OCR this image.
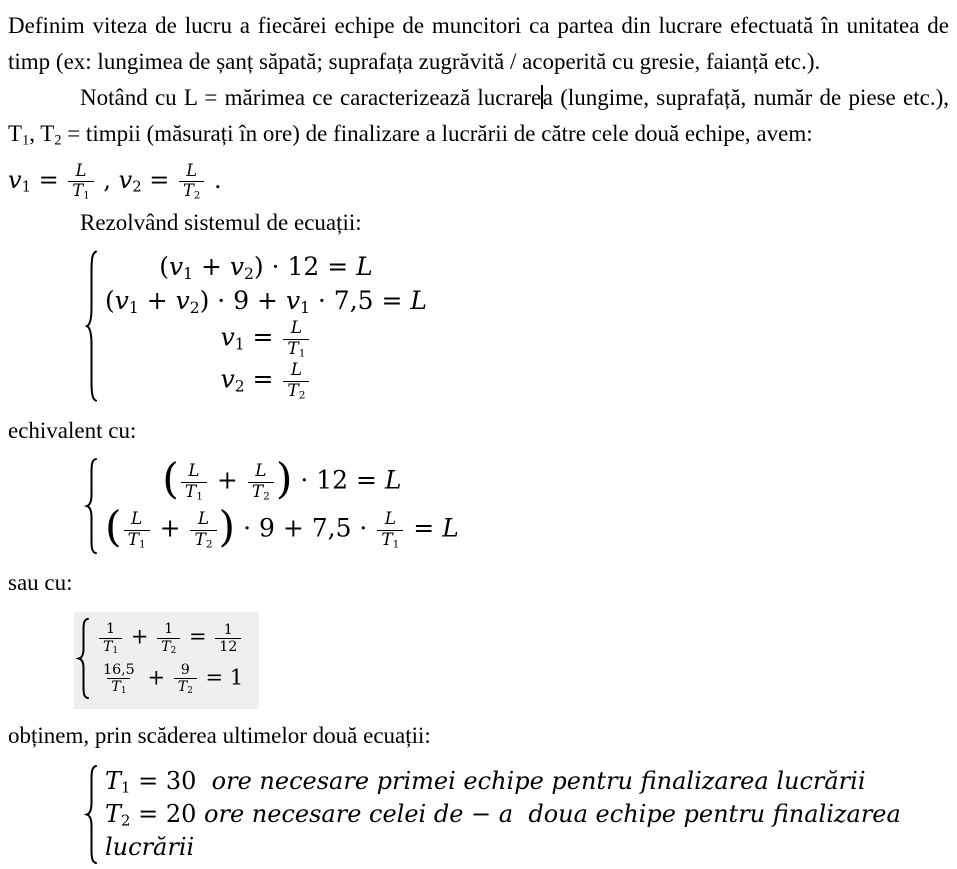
Definim viteza de lucru a fiecărei echipe de muncitori ca partea din lucrare efectuată în unitatea de timp (ex: lungimea de șanț săpată; suprafața zugrăvită / acoperită cu gresie, faianță etc.).

Notând cu L = mărimea ce caracterizează lucrarea (lungime, suprafață, număr de piese etc.), T1, T2 = timpii (măsurați în ore) de finalizare a lucrării de către cele două echipe, avem:

$v1 = \frac{L}{T1}$ , $v2 = \frac{L}{T2}$ .

Rezolvând sistemul de ecuații:

(v1 + v2) · 12 = L
(v1 + v2) · 9 + v1 · 7,5 = L
$v1 = \frac{L}{T1}$
$v2 = \frac{L}{T2}$

echivalent cu:

( $\frac{L}{T1} + \frac{L}{T2}$ ) · 12 = L
( $\frac{L}{T1} + \frac{L}{T2}$ ) · $9 + 7,5 \cdot \frac{L}{T1} = L$

sau cu:

$\frac{1}{T1} + \frac{1}{T2} = \frac{1}{12}$
$\frac{16,5}{T1} + \frac{9}{T2} = 1$

obținem, prin scăderea ultimelor două ecuații:

T1 = 30  ore necesare primei echipe pentru finalizarea lucrării
T2 = 20 ore necesare celei de − a  doua echipe pentru finalizarea lucrării
